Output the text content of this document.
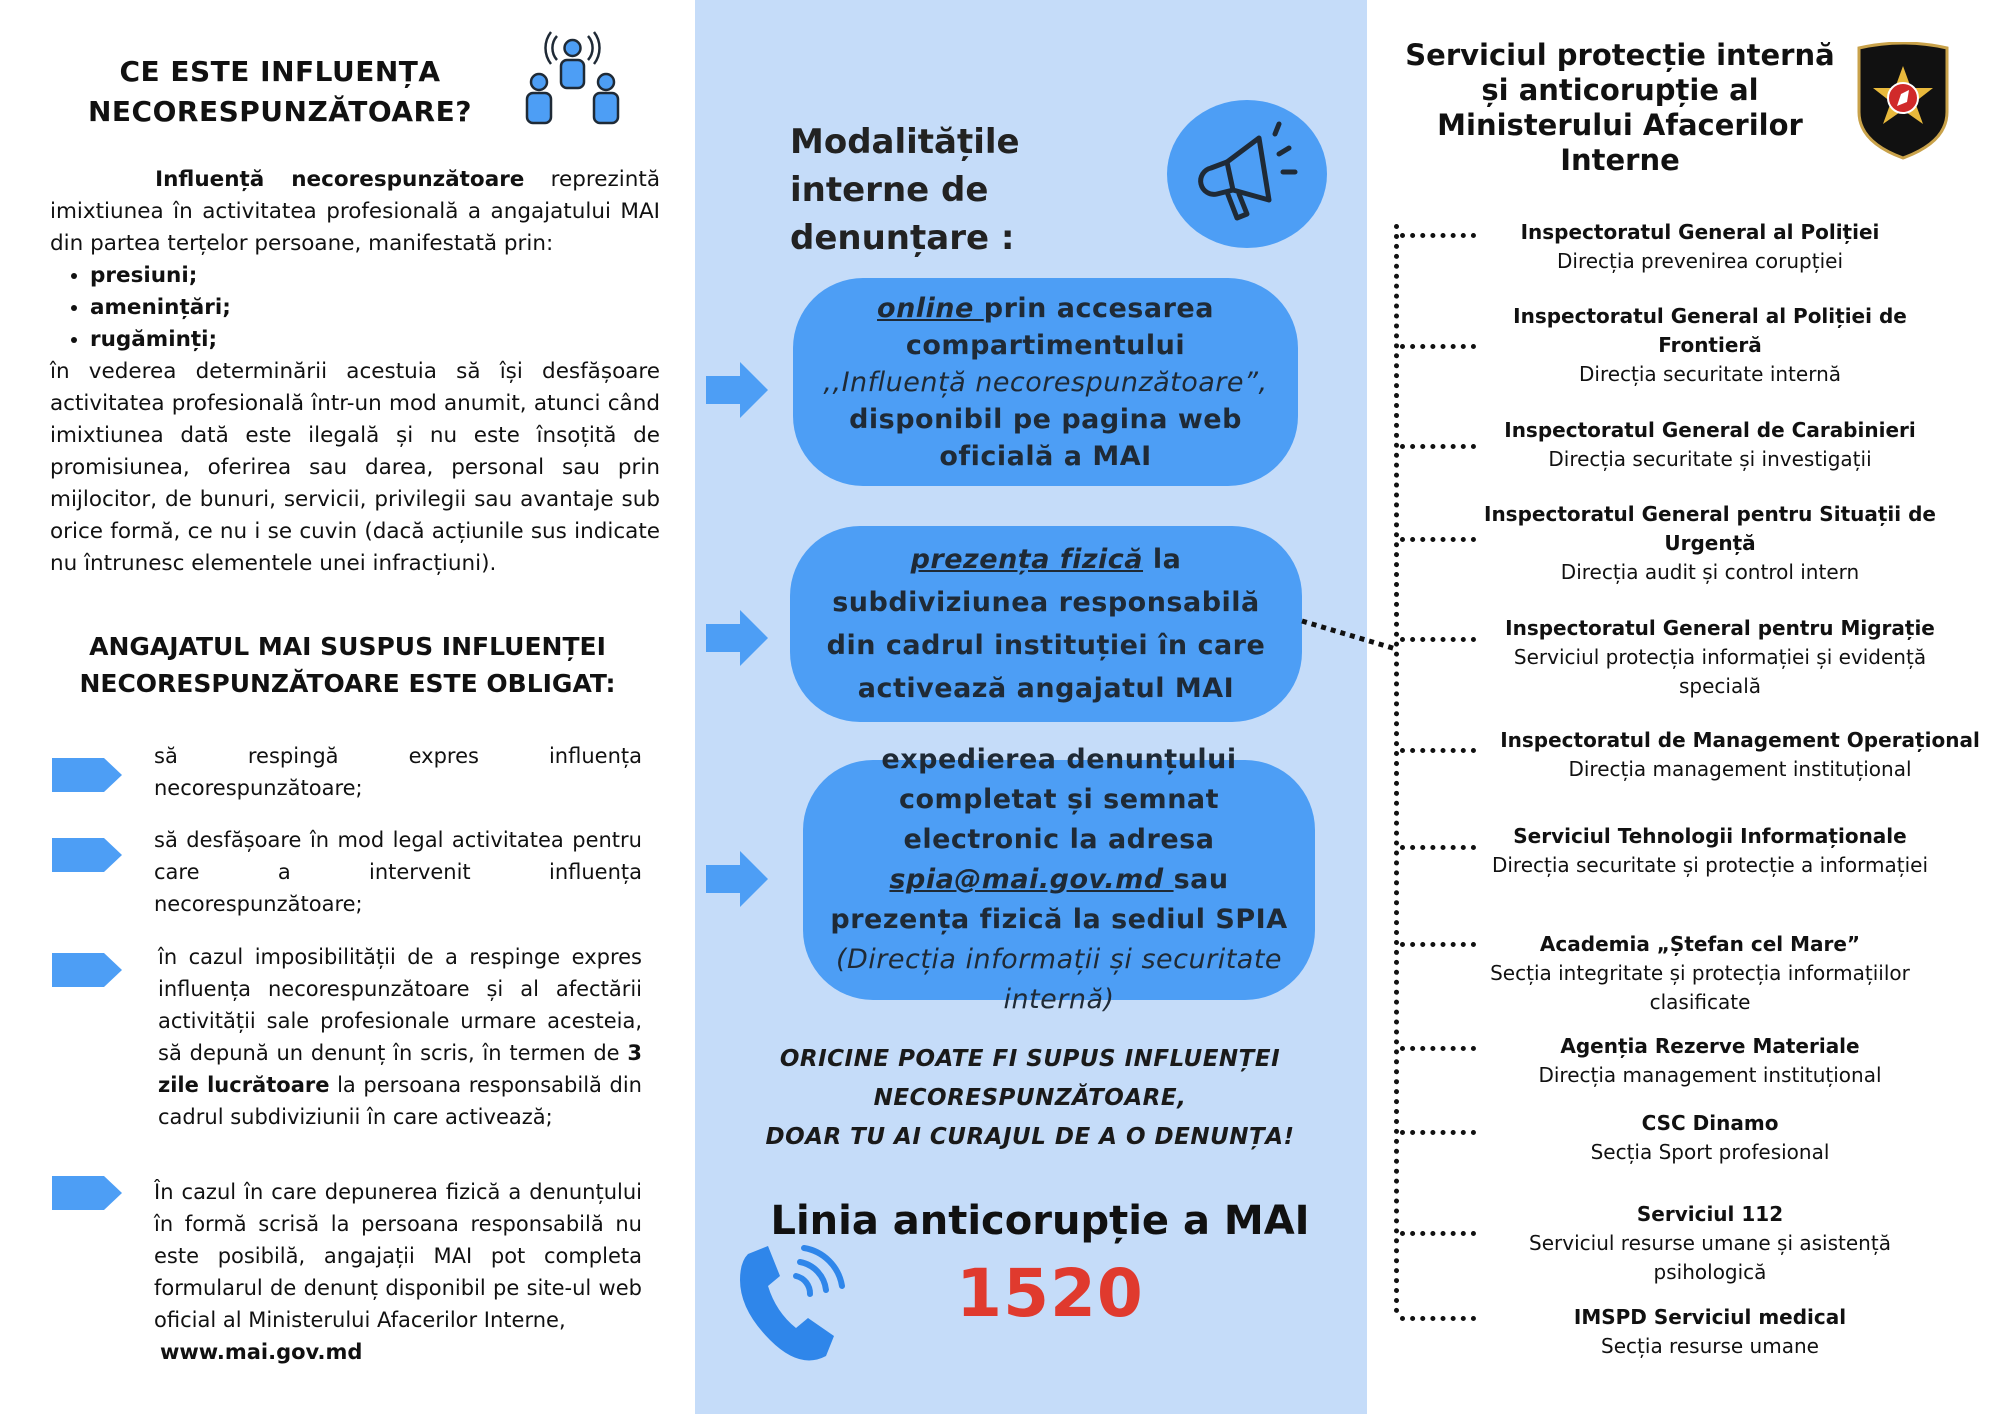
CE ESTE INFLUENȚA NECORESPUNZĂTOARE?
Influență necorespunzătoare reprezintă imixtiunea în activitatea profesională a angajatului MAI din partea terțelor persoane, manifestată prin:
• presiuni;
• amenințări;
• rugăminți;
în vederea determinării acestuia să își desfășoare activitatea profesională într-un mod anumit, atunci când imixtiunea dată este ilegală și nu este însoțită de promisiunea, oferirea sau darea, personal sau prin mijlocitor, de bunuri, servicii, privilegii sau avantaje sub orice formă, ce nu i se cuvin (dacă acțiunile sus indicate nu întrunesc elementele unei infracțiuni).
ANGAJATUL MAI SUSPUS INFLUENȚEI NECORESPUNZĂTOARE ESTE OBLIGAT:
să respingă expres influența necorespunzătoare;
să desfășoare în mod legal activitatea pentru care a intervenit influența necorespunzătoare;
în cazul imposibilității de a respinge expres influența necorespunzătoare și al afectării activității sale profesionale urmare acesteia, să depună un denunț în scris, în termen de 3 zile lucrătoare la persoana responsabilă din cadrul subdiviziunii în care activează;
În cazul în care depunerea fizică a denunțului în formă scrisă la persoana responsabilă nu este posibilă, angajații MAI pot completa formularul de denunț disponibil pe site-ul web oficial al Ministerului Afacerilor Interne,
www.mai.gov.md
Modalitățile interne de denunțare :
online prin accesarea compartimentului
,,Influență necorespunzătoare”,
disponibil pe pagina web oficială a MAI
prezența fizică la subdiviziunea responsabilă din cadrul instituției în care activează angajatul MAI
expedierea denunțului completat și semnat electronic la adresa spia@mai.gov.md sau prezența fizică la sediul SPIA
(Direcția informații și securitate internă)
ORICINE POATE FI SUPUS INFLUENȚEI
NECORESPUNZĂTOARE,
DOAR TU AI CURAJUL DE A O DENUNȚA!
Linia anticorupție a MAI
1520
Serviciul protecție internă și anticorupție al Ministerului Afacerilor Interne
Inspectoratul General al Poliției
Direcția prevenirea corupției
Inspectoratul General al Poliției de Frontieră
Direcția securitate internă
Inspectoratul General de Carabinieri
Direcția securitate și investigații
Inspectoratul General pentru Situații de Urgență
Direcția audit și control intern
Inspectoratul General pentru Migrație
Serviciul protecția informației și evidență specială
Inspectoratul de Management Operațional
Direcția management instituțional
Serviciul Tehnologii Informaționale
Direcția securitate și protecție a informației
Academia „Ștefan cel Mare”
Secția integritate și protecția informațiilor clasificate
Agenția Rezerve Materiale
Direcția management instituțional
CSC Dinamo
Secția Sport profesional
Serviciul 112
Serviciul resurse umane și asistență psihologică
IMSPD Serviciul medical
Secția resurse umane
